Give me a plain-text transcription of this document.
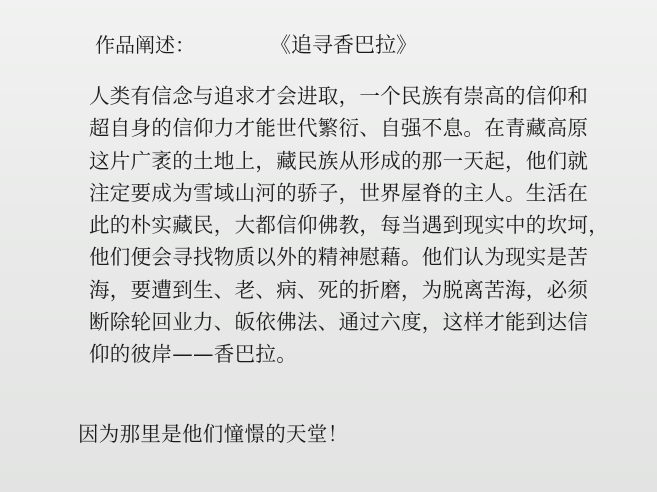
作品阐述：	《追寻香巴拉》

人类有信念与追求才会进取，一个民族有崇高的信仰和
超自身的信仰力才能世代繁衍、自强不息。在青藏高原
这片广袤的土地上，藏民族从形成的那一天起，他们就
注定要成为雪域山河的骄子，世界屋脊的主人。生活在
此的朴实藏民，大都信仰佛教，每当遇到现实中的坎坷，
他们便会寻找物质以外的精神慰藉。他们认为现实是苦
海，要遭到生、老、病、死的折磨，为脱离苦海，必须
断除轮回业力、皈依佛法、通过六度，这样才能到达信
仰的彼岸——香巴拉。

因为那里是他们憧憬的天堂！
